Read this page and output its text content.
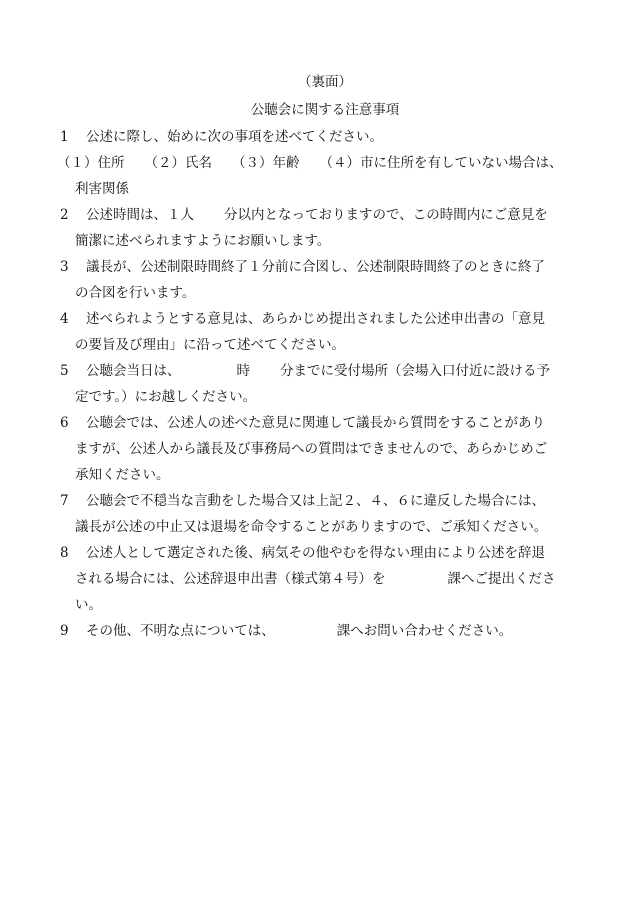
（裏面）
公聴会に関する注意事項
1 公述に際し、始めに次の事項を述べてください。
（１）住所 （２）氏名 （３）年齢 （４）市に住所を有していない場合は、
利害関係
2 公述時間は、１人 分以内となっておりますので、この時間内にご意見を
簡潔に述べられますようにお願いします。
3 議長が、公述制限時間終了１分前に合図し、公述制限時間終了のときに終了
の合図を行います。
4 述べられようとする意見は、あらかじめ提出されました公述申出書の「意見
の要旨及び理由」に沿って述べてください。
5 公聴会当日は、	時 分までに受付場所（会場入口付近に設ける予
定です。）にお越しください。
6 公聴会では、公述人の述べた意見に関連して議長から質問をすることがあり
ますが、公述人から議長及び事務局への質問はできませんので、あらかじめご
承知ください。
7 公聴会で不穏当な言動をした場合又は上記２、４、６に違反した場合には、
議長が公述の中止又は退場を命令することがありますので、ご承知ください。
8 公述人として選定された後、病気その他やむを得ない理由により公述を辞退
される場合には、公述辞退申出書（様式第４号）を	課へご提出くださ
い。
9 その他、不明な点については、	課へお問い合わせください。
